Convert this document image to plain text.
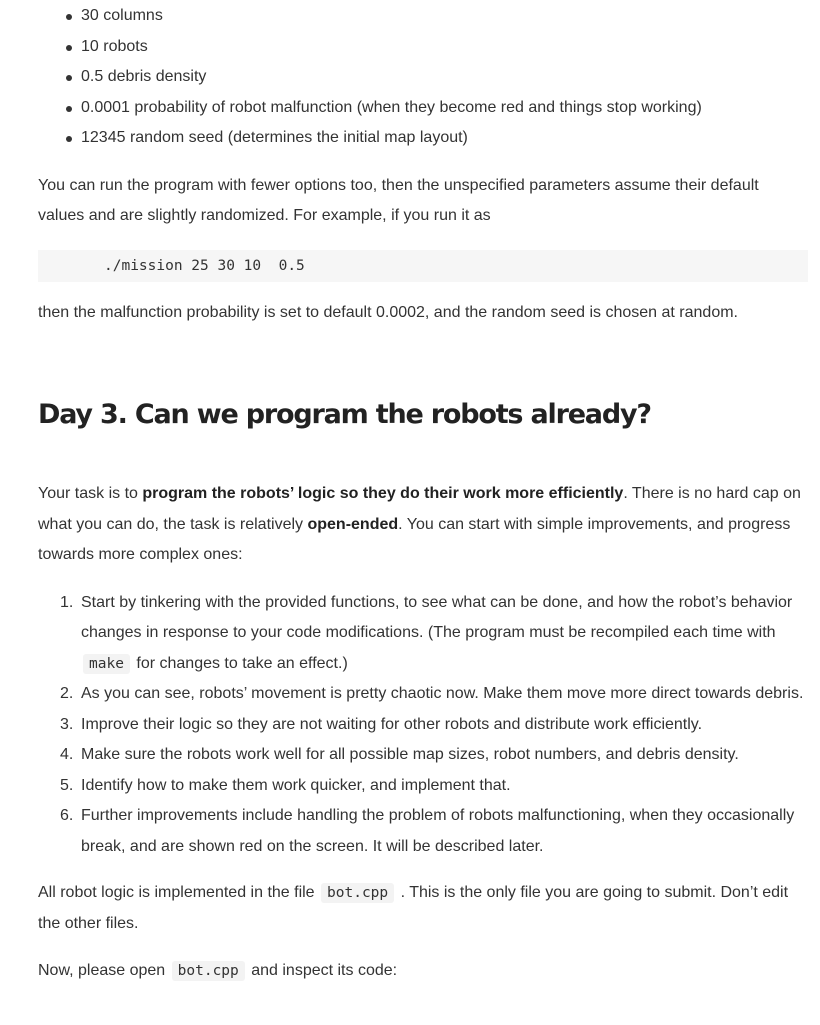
30 columns
10 robots
0.5 debris density
0.0001 probability of robot malfunction (when they become red and things stop working)
12345 random seed (determines the initial map layout)

You can run the program with fewer options too, then the unspecified parameters assume their default values and are slightly randomized. For example, if you run it as

./mission 25 30 10  0.5

then the malfunction probability is set to default 0.0002, and the random seed is chosen at random.

Day 3. Can we program the robots already?

Your task is to program the robots’ logic so they do their work more efficiently. There is no hard cap on what you can do, the task is relatively open-ended. You can start with simple improvements, and progress towards more complex ones:

1. Start by tinkering with the provided functions, to see what can be done, and how the robot’s behavior changes in response to your code modifications. (The program must be recompiled each time with make for changes to take an effect.)
2. As you can see, robots’ movement is pretty chaotic now. Make them move more direct towards debris.
3. Improve their logic so they are not waiting for other robots and distribute work efficiently.
4. Make sure the robots work well for all possible map sizes, robot numbers, and debris density.
5. Identify how to make them work quicker, and implement that.
6. Further improvements include handling the problem of robots malfunctioning, when they occasionally break, and are shown red on the screen. It will be described later.

All robot logic is implemented in the file bot.cpp . This is the only file you are going to submit. Don’t edit the other files.

Now, please open bot.cpp and inspect its code:
